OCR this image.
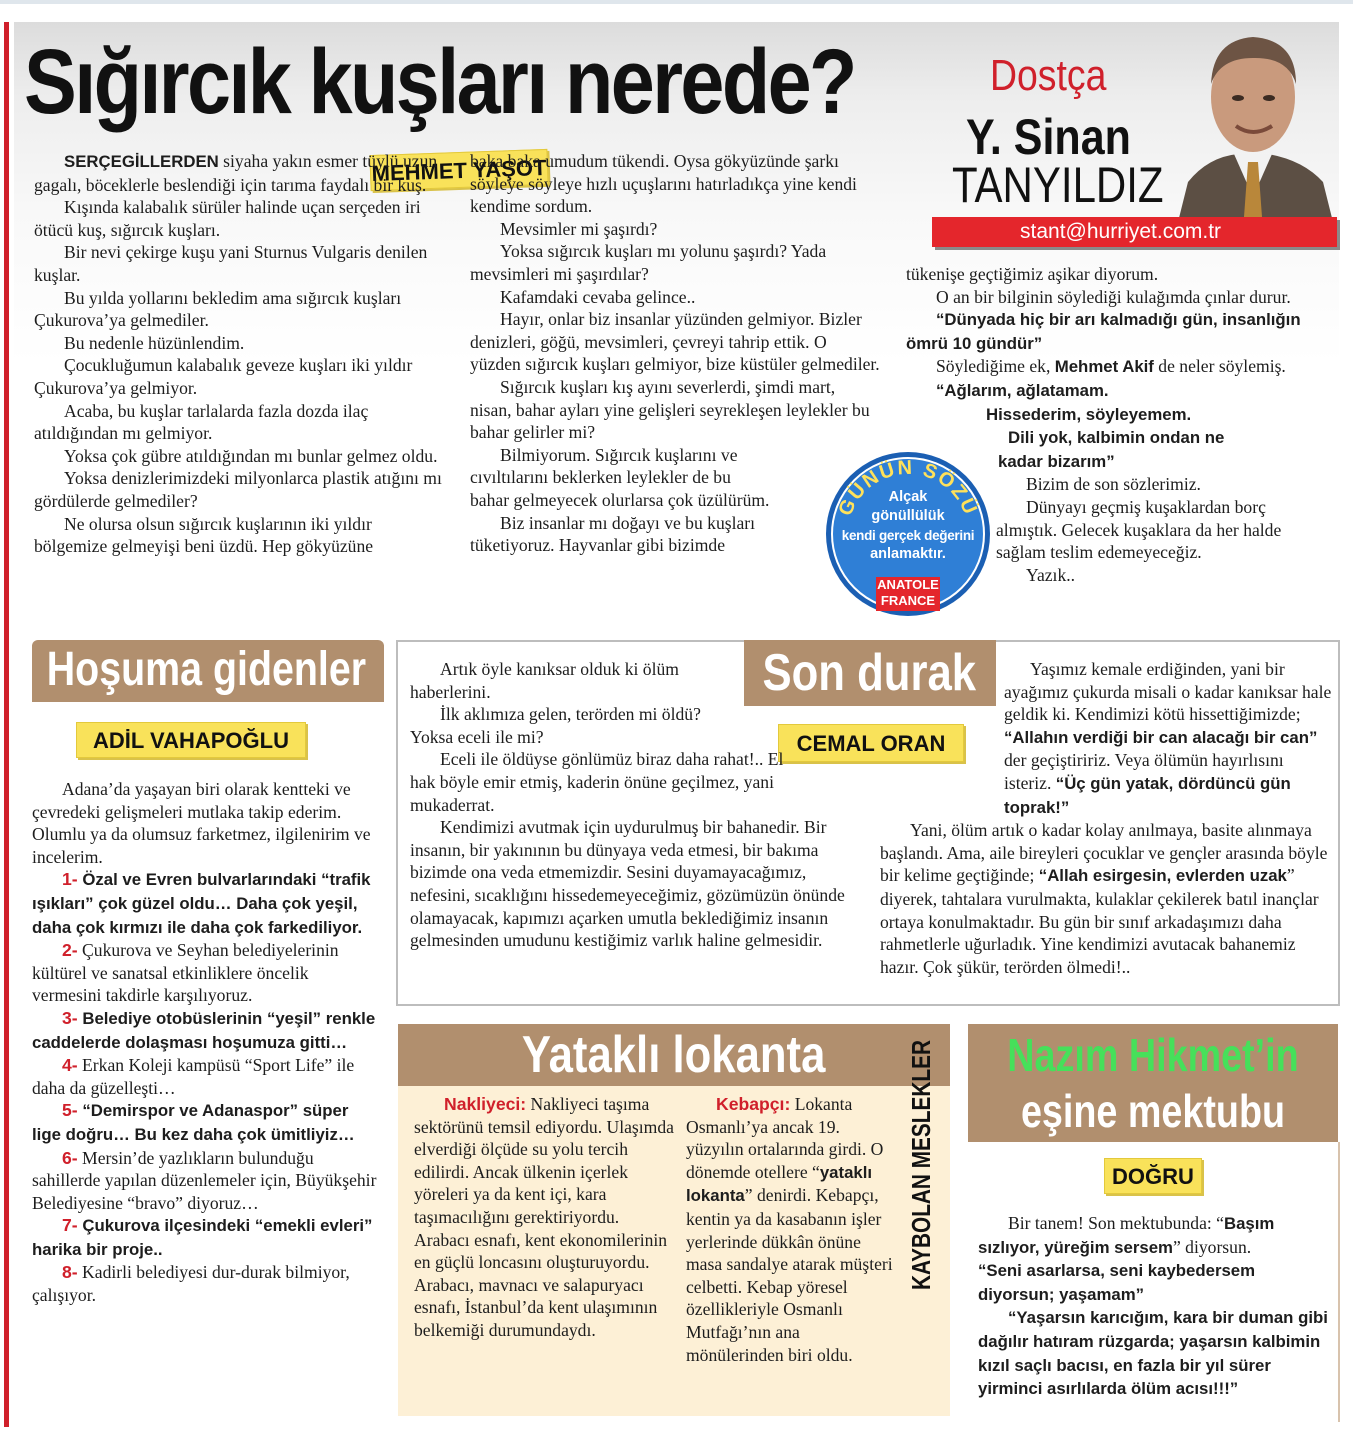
Sığırcık kuşları nerede?	Dostça
Y. Sinan
TANYILDIZ
stant@hurriyet.com.tr
MEHMET YAŞOT

SERÇEGİLLERDEN siyaha yakın esmer tüylü uzun gagalı, böceklerle beslendiği için tarıma faydalı bir kuş.

Kışında kalabalık sürüler halinde uçan serçeden iri ötücü kuş, sığırcık kuşları.

Bir nevi çekirge kuşu yani Sturnus Vulgaris denilen kuşlar.

Bu yılda yollarını bekledim ama sığırcık kuşları Çukurova’ya gelmediler.

Bu nedenle hüzünlendim.

Çocukluğumun kalabalık geveze kuşları iki yıldır Çukurova’ya gelmiyor.

Acaba, bu kuşlar tarlalarda fazla dozda ilaç atıldığından mı gelmiyor.

Yoksa çok gübre atıldığından mı bunlar gelmez oldu.

Yoksa denizlerimizdeki milyonlarca plastik atığını mı gördülerde gelmediler?

Ne olursa olsun sığırcık kuşlarının iki yıldır bölgemize gelmeyişi beni üzdü. Hep gökyüzüne

baka baka umudum tükendi. Oysa gökyüzünde şarkı söyleye söyleye hızlı uçuşlarını hatırladıkça yine kendi kendime sordum.

Mevsimler mi şaşırdı?

Yoksa sığırcık kuşları mı yolunu şaşırdı? Yada mevsimleri mi şaşırdılar?

Kafamdaki cevaba gelince..

Hayır, onlar biz insanlar yüzünden gelmiyor. Bizler denizleri, göğü, mevsimleri, çevreyi tahrip ettik. O yüzden sığırcık kuşları gelmiyor, bize küstüler gelmediler.

Sığırcık kuşları kış ayını severlerdi, şimdi mart, nisan, bahar ayları yine gelişleri seyrekleşen leylekler bu bahar gelirler mi?

Bilmiyorum. Sığırcık kuşlarını ve cıvıltılarını beklerken leylekler de bu bahar gelmeyecek olurlarsa çok üzülürüm.

Biz insanlar mı doğayı ve bu kuşları tüketiyoruz. Hayvanlar gibi bizimde

tükenişe geçtiğimiz aşikar diyorum.

O an bir bilginin söylediği kulağımda çınlar durur.

“Dünyada hiç bir arı kalmadığı gün, insanlığın ömrü 10 gündür”

Söylediğime ek, Mehmet Akif de neler söylemiş.

“Ağlarım, ağlatamam.

Hissederim, söyleyemem.

Dili yok, kalbimin ondan ne

kadar bizarım”

Bizim de son sözlerimiz.

Dünyayı geçmiş kuşaklardan borç almıştık. Gelecek kuşaklara da her halde sağlam teslim edemeyeceğiz.

Yazık..

GÜNÜN SÖZÜ
Alçak
gönüllülük
kendi gerçek değerini
anlamaktır.
ANATOLE
FRANCE
Hoşuma gidenler
ADİL VAHAPOĞLU

Adana’da yaşayan biri olarak kentteki ve çevredeki gelişmeleri mutlaka takip ederim. Olumlu ya da olumsuz farketmez, ilgilenirim ve incelerim.

1- Özal ve Evren bulvarlarındaki “trafik ışıkları” çok güzel oldu… Daha çok yeşil, daha çok kırmızı ile daha çok farkediliyor.

2- Çukurova ve Seyhan belediyelerinin kültürel ve sanatsal etkinliklere öncelik vermesini takdirle karşılıyoruz.

3- Belediye otobüslerinin “yeşil” renkle caddelerde dolaşması hoşumuza gitti…

4- Erkan Koleji kampüsü “Sport Life” ile daha da güzelleşti…

5- “Demirspor ve Adanaspor” süper lige doğru… Bu kez daha çok ümitliyiz…

6- Mersin’de yazlıkların bulunduğu sahillerde yapılan düzenlemeler için, Büyükşehir Belediyesine “bravo” diyoruz…

7- Çukurova ilçesindeki “emekli evleri” harika bir proje..

8- Kadirli belediyesi dur-durak bilmiyor, çalışıyor.

Son durak
CEMAL ORAN

Artık öyle kanıksar olduk ki ölüm haberlerini.

İlk aklımıza gelen, terörden mi öldü? Yoksa eceli ile mi?

Eceli ile öldüyse gönlümüz biraz daha rahat!.. El hak böyle emir etmiş, kaderin önüne geçilmez, yani mukaderrat.

Kendimizi avutmak için uydurulmuş bir bahanedir. Bir insanın, bir yakınının bu dünyaya veda etmesi, bir bakıma bizimde ona veda etmemizdir. Sesini duyamayacağımız, nefesini, sıcaklığını hissedemeyeceğimiz, gözümüzün önünde olamayacak, kapımızı açarken umutla beklediğimiz insanın gelmesinden umudunu kestiğimiz varlık haline gelmesidir.

Yaşımız kemale erdiğinden, yani bir ayağımız çukurda misali o kadar kanıksar hale geldik ki. Kendimizi kötü hissettiğimizde; “Allahın verdiği bir can alacağı bir can” der geçiştiririz. Veya ölümün hayırlısını isteriz. “Üç gün yatak, dördüncü gün toprak!”

Yani, ölüm artık o kadar kolay anılmaya, basite alınmaya başlandı. Ama, aile bireyleri çocuklar ve gençler arasında böyle bir kelime geçtiğinde; “Allah esirgesin, evlerden uzak” diyerek, tahtalara vurulmakta, kulaklar çekilerek batıl inançlar ortaya konulmaktadır. Bu gün bir sınıf arkadaşımızı daha rahmetlerle uğurladık. Yine kendimizi avutacak bahanemiz hazır. Çok şükür, terörden ölmedi!..

Yataklı lokanta	KAYBOLAN MESLEKLER

Nakliyeci: Nakliyeci taşıma sektörünü temsil ediyordu. Ulaşımda elverdiği ölçüde su yolu tercih edilirdi. Ancak ülkenin içerlek yöreleri ya da kent içi, kara taşımacılığını gerektiriyordu. Arabacı esnafı, kent ekonomilerinin en güçlü loncasını oluşturuyordu. Arabacı, mavnacı ve salapuryacı esnafı, İstanbul’da kent ulaşımının belkemiği durumundaydı.

Kebapçı: Lokanta Osmanlı’ya ancak 19. yüzyılın ortalarında girdi. O dönemde otellere “yataklı lokanta” denirdi. Kebapçı, kentin ya da kasabanın işler yerlerinde dükkân önüne masa sandalye atarak müşteri celbetti. Kebap yöresel özellikleriyle Osmanlı Mutfağı’nın ana mönülerinden biri oldu.

Nazım Hikmet’in
eşine mektubu
DOĞRU

Bir tanem! Son mektubunda: “Başım sızlıyor, yüreğim sersem” diyorsun.

“Seni asarlarsa, seni kaybedersem diyorsun; yaşamam”

“Yaşarsın karıcığım, kara bir duman gibi dağılır hatıram rüzgarda; yaşarsın kalbimin kızıl saçlı bacısı, en fazla bir yıl sürer yirminci asırlılarda ölüm acısı!!!”
